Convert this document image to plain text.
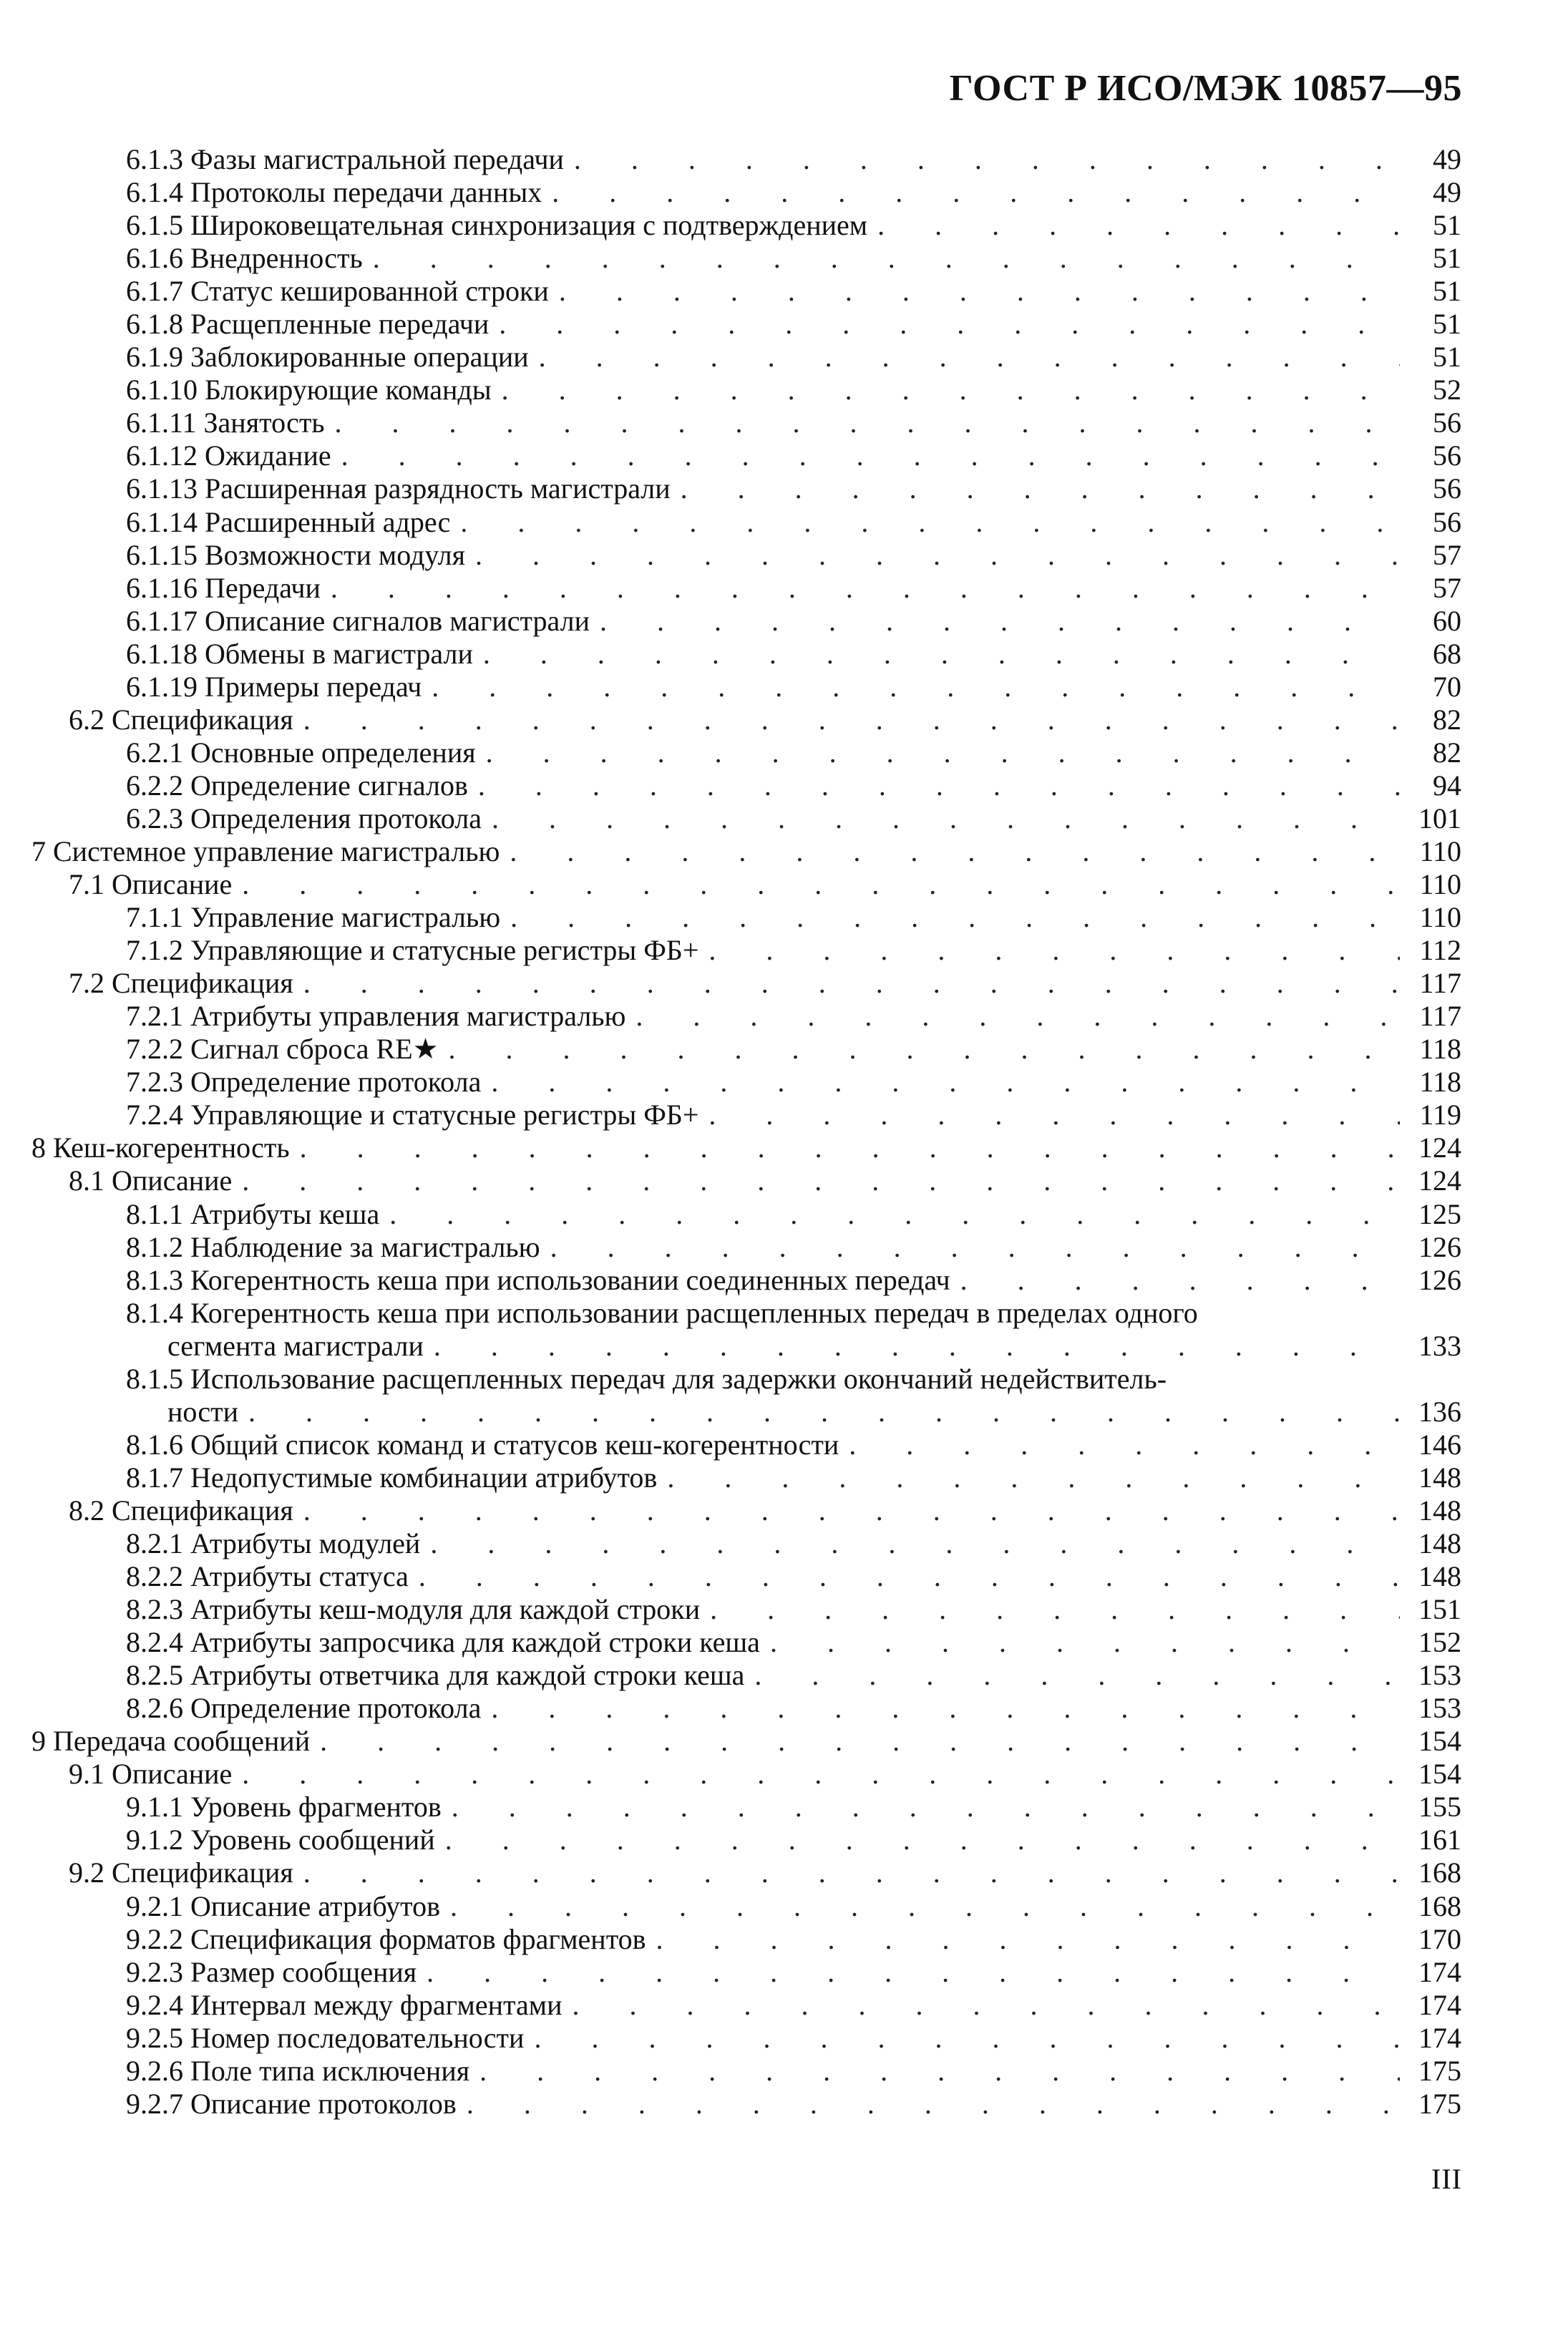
ГОСТ Р ИСО/МЭК 10857—95
6.1.3 Фазы магистральной передачи . . .	49
6.1.4 Протоколы передачи данных . . .	49
6.1.5 Широковещательная синхронизация с подтверждением . . .	51
6.1.6 Внедренность . . .	51
6.1.7 Статус кешированной строки . . .	51
6.1.8 Расщепленные передачи . . .	51
6.1.9 Заблокированные операции . . .	51
6.1.10 Блокирующие команды . . .	52
6.1.11 Занятость . . .	56
6.1.12 Ожидание . . .	56
6.1.13 Расширенная разрядность магистрали . . .	56
6.1.14 Расширенный адрес . . .	56
6.1.15 Возможности модуля . . .	57
6.1.16 Передачи . . .	57
6.1.17 Описание сигналов магистрали . . .	60
6.1.18 Обмены в магистрали . . .	68
6.1.19 Примеры передач . . .	70
6.2 Спецификация . . .	82
6.2.1 Основные определения . . .	82
6.2.2 Определение сигналов . . .	94
6.2.3 Определения протокола . . .	101
7 Системное управление магистралью . . .	110
7.1 Описание . . .	110
7.1.1 Управление магистралью . . .	110
7.1.2 Управляющие и статусные регистры ФБ+ . . .	112
7.2 Спецификация . . .	117
7.2.1 Атрибуты управления магистралью . . .	117
7.2.2 Сигнал сброса RE★ . . .	118
7.2.3 Определение протокола . . .	118
7.2.4 Управляющие и статусные регистры ФБ+ . . .	119
8 Кеш-когерентность . . .	124
8.1 Описание . . .	124
8.1.1 Атрибуты кеша . . .	125
8.1.2 Наблюдение за магистралью . . .	126
8.1.3 Когерентность кеша при использовании соединенных передач . . .	126
8.1.4 Когерентность кеша при использовании расщепленных передач в пределах одного
сегмента магистрали . . .	133
8.1.5 Использование расщепленных передач для задержки окончаний недействитель-
ности . . .	136
8.1.6 Общий список команд и статусов кеш-когерентности . . .	146
8.1.7 Недопустимые комбинации атрибутов . . .	148
8.2 Спецификация . . .	148
8.2.1 Атрибуты модулей . . .	148
8.2.2 Атрибуты статуса . . .	148
8.2.3 Атрибуты кеш-модуля для каждой строки . . .	151
8.2.4 Атрибуты запросчика для каждой строки кеша . . .	152
8.2.5 Атрибуты ответчика для каждой строки кеша . . .	153
8.2.6 Определение протокола . . .	153
9 Передача сообщений . . .	154
9.1 Описание . . .	154
9.1.1 Уровень фрагментов . . .	155
9.1.2 Уровень сообщений . . .	161
9.2 Спецификация . . .	168
9.2.1 Описание атрибутов . . .	168
9.2.2 Спецификация форматов фрагментов . . .	170
9.2.3 Размер сообщения . . .	174
9.2.4 Интервал между фрагментами . . .	174
9.2.5 Номер последовательности . . .	174
9.2.6 Поле типа исключения . . .	175
9.2.7 Описание протоколов . . .	175
III
